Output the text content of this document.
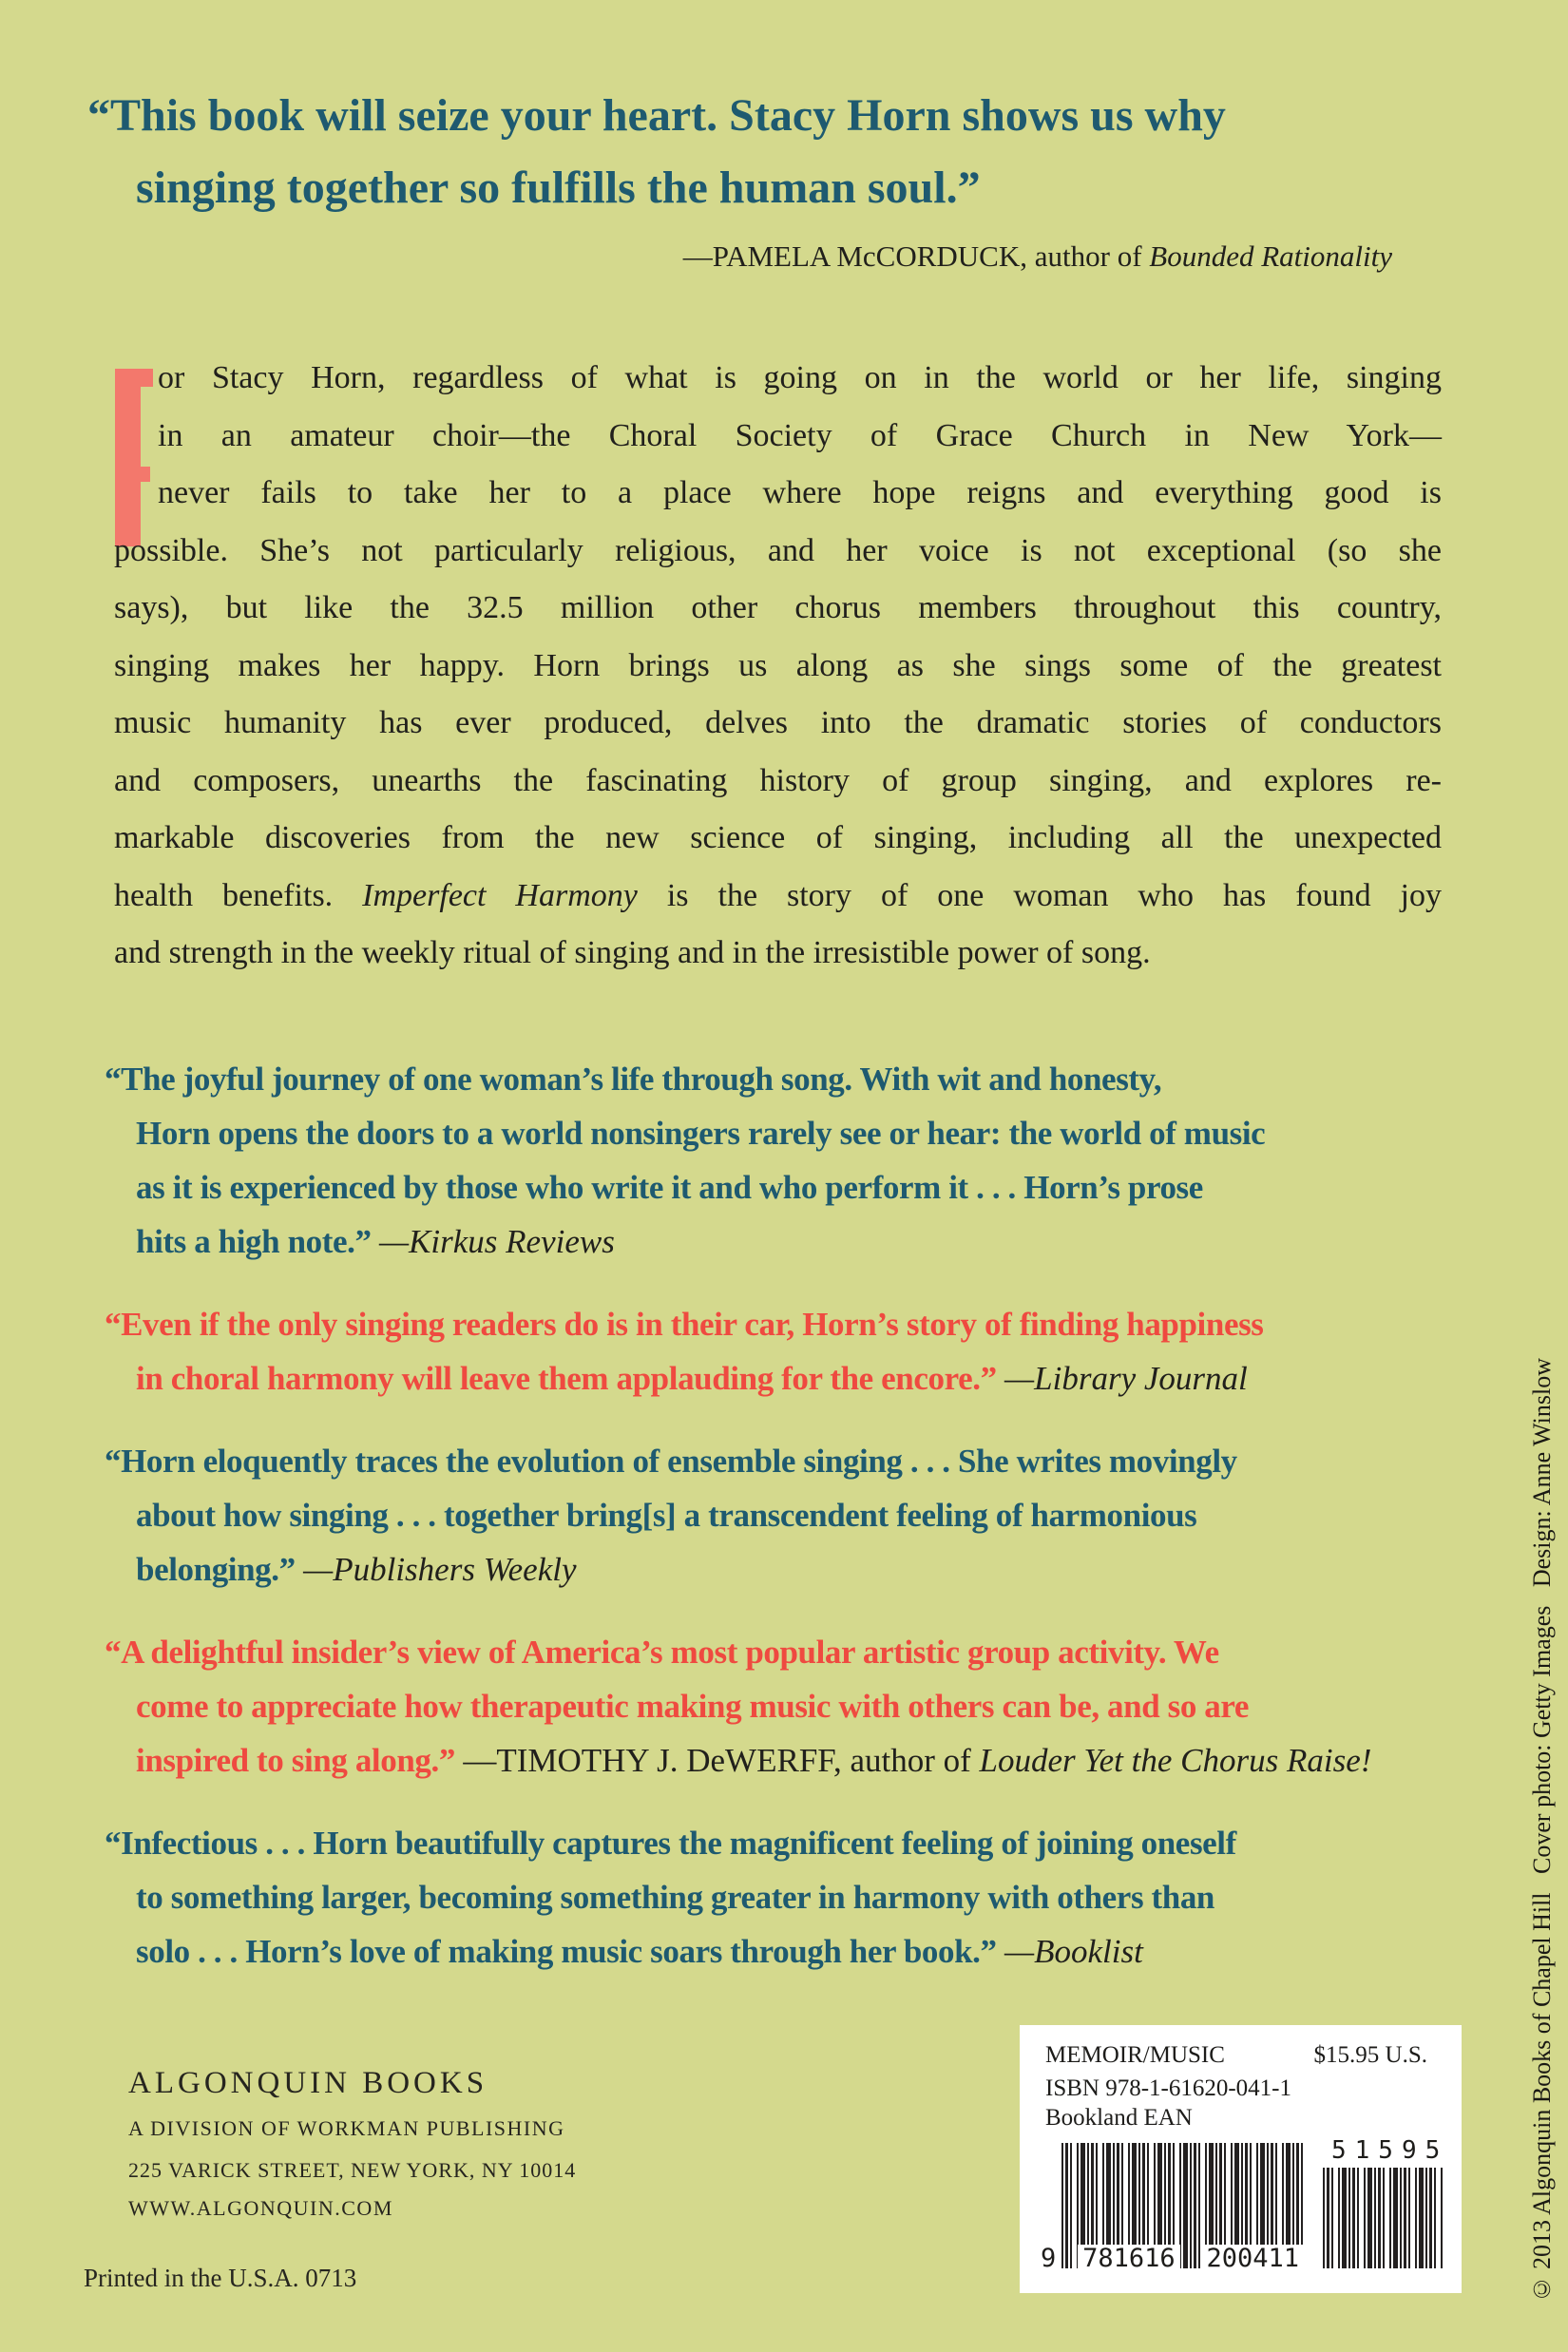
“This book will seize your heart. Stacy Horn shows us why
singing together so fulfills the human soul.”
—PAMELA McCORDUCK, author of Bounded Rationality
or Stacy Horn, regardless of what is going on in the world or her life, singing
in an amateur choir—the Choral Society of Grace Church in New York—
never fails to take her to a place where hope reigns and everything good is
possible. She’s not particularly religious, and her voice is not exceptional (so she
says), but like the 32.5 million other chorus members throughout this country,
singing makes her happy. Horn brings us along as she sings some of the greatest
music humanity has ever produced, delves into the dramatic stories of conductors
and composers, unearths the fascinating history of group singing, and explores re-
markable discoveries from the new science of singing, including all the unexpected
health benefits. Imperfect Harmony is the story of one woman who has found joy
and strength in the weekly ritual of singing and in the irresistible power of song.
“The joyful journey of one woman’s life through song. With wit and honesty,
Horn opens the doors to a world nonsingers rarely see or hear: the world of music
as it is experienced by those who write it and who perform it . . . Horn’s prose
hits a high note.” —Kirkus Reviews
“Even if the only singing readers do is in their car, Horn’s story of finding happiness
in choral harmony will leave them applauding for the encore.” —Library Journal
“Horn eloquently traces the evolution of ensemble singing . . . She writes movingly
about how singing . . . together bring[s] a transcendent feeling of harmonious
belonging.” —Publishers Weekly
“A delightful insider’s view of America’s most popular artistic group activity. We
come to appreciate how therapeutic making music with others can be, and so are
inspired to sing along.” —TIMOTHY J. DeWERFF, author of Louder Yet the Chorus Raise!
“Infectious . . . Horn beautifully captures the magnificent feeling of joining oneself
to something larger, becoming something greater in harmony with others than
solo . . . Horn’s love of making music soars through her book.” —Booklist
ALGONQUIN BOOKS
A DIVISION OF WORKMAN PUBLISHING
225 VARICK STREET, NEW YORK, NY 10014
WWW.ALGONQUIN.COM
Printed in the U.S.A. 0713
MEMOIR/MUSIC	$15.95 U.S.
ISBN 978-1-61620-041-1
Bookland EAN
9 781616 200411
51595	© 2013 Algonquin Books of Chapel Hill   Cover photo: Getty Images   Design: Anne Winslow
